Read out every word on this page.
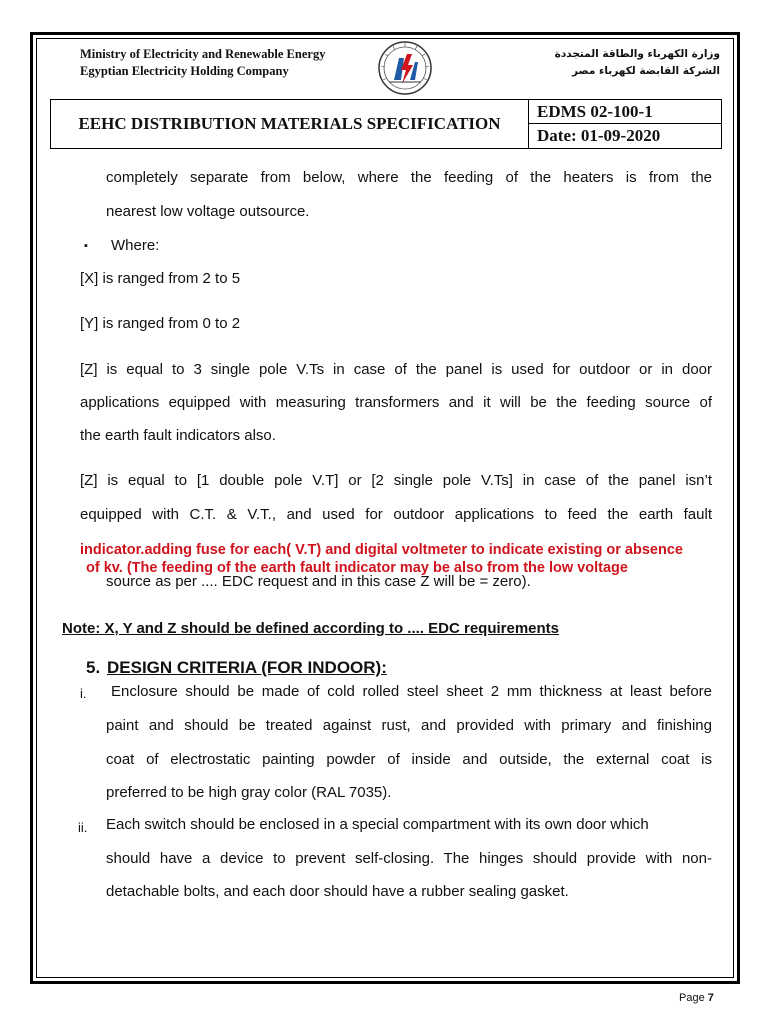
Ministry of Electricity and Renewable Energy
Egyptian Electricity Holding Company
وزارة الكهرباء والطاقة المتجددة
الشركة القابضة لكهرباء مصر
EEHC DISTRIBUTION MATERIALS SPECIFICATION
EDMS 02-100-1
Date: 01-09-2020
completely separate from below, where the feeding of the heaters is from the
nearest low voltage outsource.
▪ Where:
[X] is ranged from 2 to 5
[Y] is ranged from 0 to 2
[Z] is equal to 3 single pole V.Ts in case of the panel is used for outdoor or in door
applications equipped with measuring transformers and it will be the feeding source of
the earth fault indicators also.
[Z] is equal to [1 double pole V.T] or [2 single pole V.Ts] in case of the panel isn’t
equipped with C.T. & V.T., and used for outdoor applications to feed the earth fault
source as per .... EDC request and in this case Z will be = zero).
indicator.adding fuse for each( V.T) and digital voltmeter to indicate existing or absence
of kv. (The feeding of the earth fault indicator may be also from the low voltage
Note: X, Y and Z should be defined according to .... EDC requirements
5. DESIGN CRITERIA (FOR INDOOR):
i. Enclosure should be made of cold rolled steel sheet 2 mm thickness at least before
paint and should be treated against rust, and provided with primary and finishing
coat of electrostatic painting powder of inside and outside, the external coat is
preferred to be high gray color (RAL 7035).
ii. Each switch should be enclosed in a special compartment with its own door which
should have a device to prevent self-closing. The hinges should provide with non-
detachable bolts, and each door should have a rubber sealing gasket.
Page 7
